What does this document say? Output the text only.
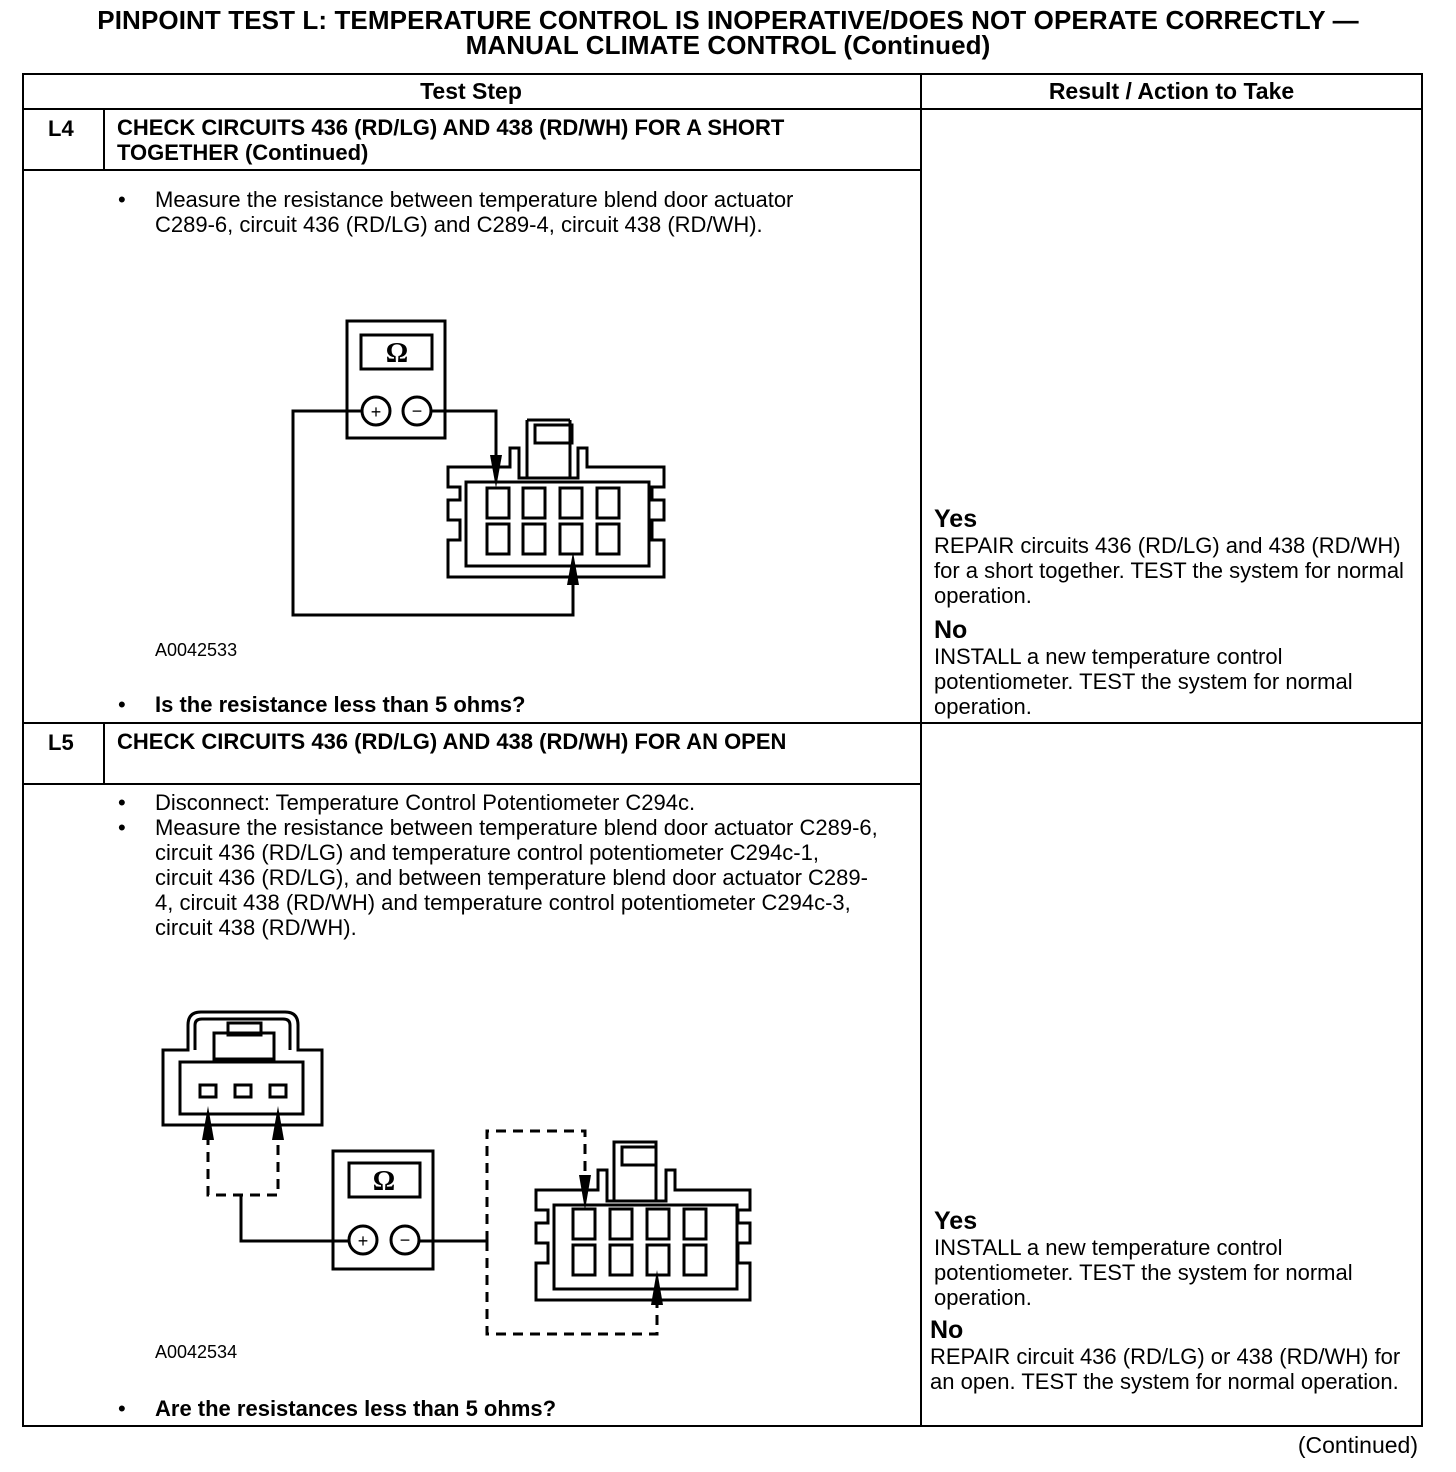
PINPOINT TEST L: TEMPERATURE CONTROL IS INOPERATIVE/DOES NOT OPERATE CORRECTLY —
MANUAL CLIMATE CONTROL (Continued)
Test Step	Result / Action to Take
L4 CHECK CIRCUITS 436 (RD/LG) AND 438 (RD/WH) FOR A SHORT TOGETHER (Continued)
• Measure the resistance between temperature blend door actuator C289-6, circuit 436 (RD/LG) and C289-4, circuit 438 (RD/WH).
Ω
+ −
A0042533
• Is the resistance less than 5 ohms?
Yes
REPAIR circuits 436 (RD/LG) and 438 (RD/WH) for a short together. TEST the system for normal operation.
No
INSTALL a new temperature control potentiometer. TEST the system for normal operation.
L5 CHECK CIRCUITS 436 (RD/LG) AND 438 (RD/WH) FOR AN OPEN
• Disconnect: Temperature Control Potentiometer C294c.
• Measure the resistance between temperature blend door actuator C289-6, circuit 436 (RD/LG) and temperature control potentiometer C294c-1, circuit 436 (RD/LG), and between temperature blend door actuator C289-4, circuit 438 (RD/WH) and temperature control potentiometer C294c-3, circuit 438 (RD/WH).
Ω
+ −
A0042534
• Are the resistances less than 5 ohms?
Yes
INSTALL a new temperature control potentiometer. TEST the system for normal operation.
No
REPAIR circuit 436 (RD/LG) or 438 (RD/WH) for an open. TEST the system for normal operation.
(Continued)
